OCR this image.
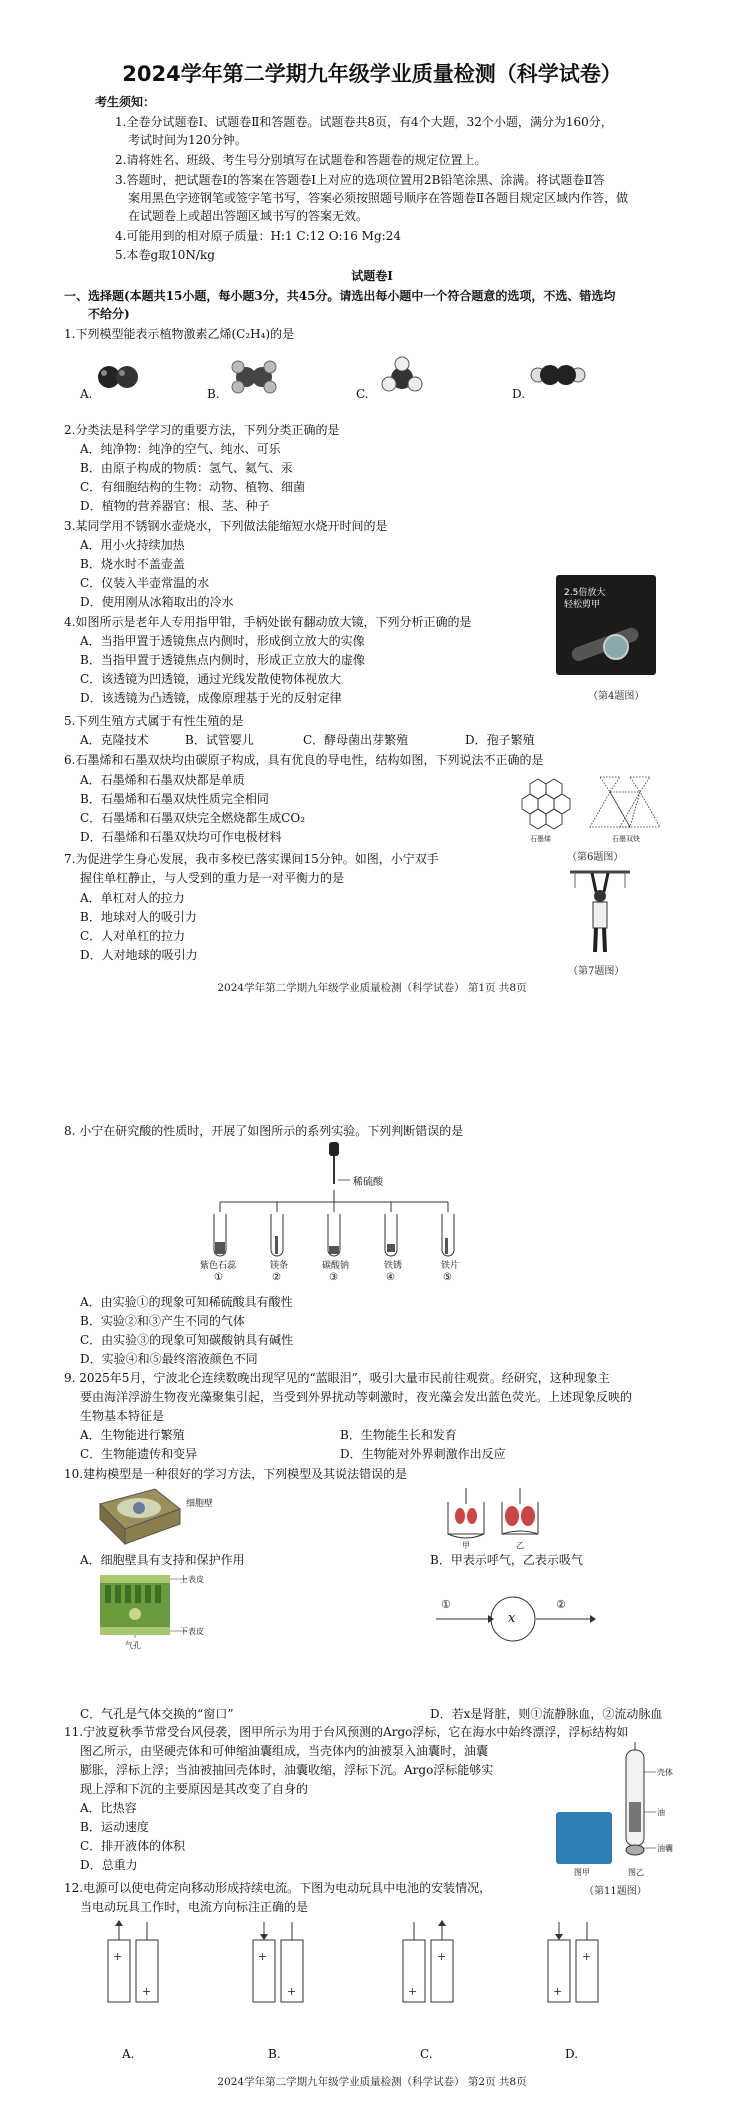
2024学年第二学期九年级学业质量检测（科学试卷）
考生须知：
1.全卷分试题卷Ⅰ、试题卷Ⅱ和答题卷。试题卷共8页，有4个大题，32个小题，满分为160分，
考试时间为120分钟。
2.请将姓名、班级、考生号分别填写在试题卷和答题卷的规定位置上。
3.答题时，把试题卷Ⅰ的答案在答题卷Ⅰ上对应的选项位置用2B铅笔涂黑、涂满。将试题卷Ⅱ答
案用黑色字迹钢笔或签字笔书写，答案必须按照题号顺序在答题卷Ⅱ各题目规定区域内作答，做
在试题卷上或超出答题区域书写的答案无效。
4.可能用到的相对原子质量：H:1 C:12 O:16 Mg:24
5.本卷g取10N/kg
试题卷Ⅰ
一、选择题(本题共15小题，每小题3分，共45分。请选出每小题中一个符合题意的选项，不选、错选均
不给分)
1.下列模型能表示植物激素乙烯(C₂H₄)的是
A.	B.	C.	D.
2.分类法是科学学习的重要方法，下列分类正确的是
A．纯净物：纯净的空气、纯水、可乐
B．由原子构成的物质：氢气、氦气、汞
C．有细胞结构的生物：动物、植物、细菌
D．植物的营养器官：根、茎、种子
3.某同学用不锈钢水壶烧水，下列做法能缩短水烧开时间的是
A．用小火持续加热
B．烧水时不盖壶盖
C．仪装入半壶常温的水
D．使用刚从冰箱取出的冷水
4.如图所示是老年人专用指甲钳，手柄处嵌有翻动放大镜，下列分析正确的是
A．当指甲置于透镜焦点内侧时，形成倒立放大的实像
B．当指甲置于透镜焦点内侧时，形成正立放大的虚像
C．该透镜为凹透镜，通过光线发散使物体视放大
D．该透镜为凸透镜，成像原理基于光的反射定律
2.5倍放大
轻松剪甲
（第4题图）
5.下列生殖方式属于有性生殖的是
A．克隆技术	B．试管婴儿	C．酵母菌出芽繁殖	D．孢子繁殖
6.石墨烯和石墨双炔均由碳原子构成，具有优良的导电性，结构如图，下列说法不正确的是
A．石墨烯和石墨双炔都是单质
B．石墨烯和石墨双炔性质完全相同
C．石墨烯和石墨双炔完全燃烧都生成CO₂
D．石墨烯和石墨双炔均可作电极材料	石墨烯	石墨双炔
（第6题图）
7.为促进学生身心发展，我市多校已落实课间15分钟。如图，小宁双手
握住单杠静止，与人受到的重力是一对平衡力的是
A．单杠对人的拉力
B．地球对人的吸引力
C．人对单杠的拉力
D．人对地球的吸引力
（第7题图）
2024学年第二学期九年级学业质量检测（科学试卷） 第1页 共8页
8. 小宁在研究酸的性质时，开展了如图所示的系列实验。下列判断错误的是
稀硫酸
紫色石蕊	镁条	碳酸钠	铁锈	铁片
①	②	③	④	⑤
A．由实验①的现象可知稀硫酸具有酸性
B．实验②和③产生不同的气体
C．由实验③的现象可知碳酸钠具有碱性
D．实验④和⑤最终溶液颜色不同
9. 2025年5月，宁波北仑连续数晚出现罕见的“蓝眼泪”，吸引大量市民前往观赏。经研究，这种现象主
要由海洋浮游生物夜光藻聚集引起，当受到外界扰动等刺激时，夜光藻会发出蓝色荧光。上述现象反映的
生物基本特征是
A．生物能进行繁殖	B．生物能生长和发育
C．生物能遗传和变异	D．生物能对外界刺激作出反应
10.建构模型是一种很好的学习方法，下列模型及其说法错误的是
细胞壁
A．细胞壁具有支持和保护作用
甲	乙
B．甲表示呼气，乙表示吸气
上表皮
下表皮
气孔
C．气孔是气体交换的“窗口”
①
x
②
D．若x是肾脏，则①流静脉血，②流动脉血
11.宁波夏秋季节常受台风侵袭，图甲所示为用于台风预测的Argo浮标，它在海水中始终漂浮，浮标结构如
图乙所示，由坚硬壳体和可伸缩油囊组成，当壳体内的油被泵入油囊时，油囊
膨胀，浮标上浮；当油被抽回壳体时，油囊收缩，浮标下沉。Argo浮标能够实
现上浮和下沉的主要原因是其改变了自身的
A．比热容
B．运动速度
C．排开液体的体积
D．总重力
壳体
油
油囊
图甲	图乙
（第11题图）
12.电源可以使电荷定向移动形成持续电流。下图为电动玩具中电池的安装情况，
当电动玩具工作时，电流方向标注正确的是
+
+
+
+	+
+
+
+
A.	B.	C.	D.
2024学年第二学期九年级学业质量检测（科学试卷） 第2页 共8页
